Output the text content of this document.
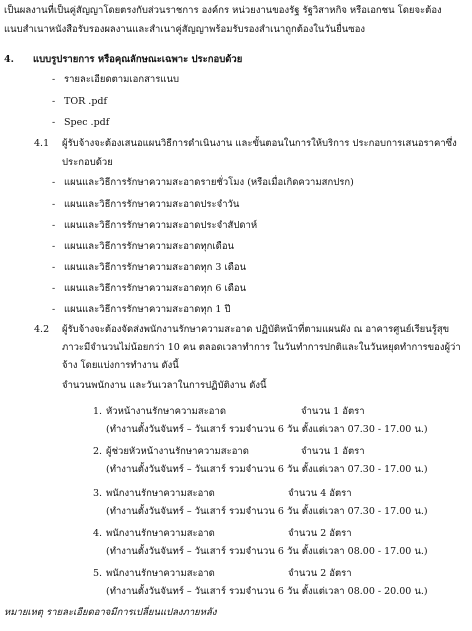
เป็นผลงานที่เป็นคู่สัญญาโดยตรงกับส่วนราชการ องค์กร หน่วยงานของรัฐ รัฐวิสาหกิจ หรือเอกชน โดยจะต้อง
แนบสำเนาหนังสือรับรองผลงานและสำเนาคู่สัญญาพร้อมรับรองสำเนาถูกต้องในวันยื่นซอง
4. แบบรูปรายการ หรือคุณลักษณะเฉพาะ ประกอบด้วย
- รายละเอียดตามเอกสารแนบ
- TOR .pdf
- Spec .pdf
4.1 ผู้รับจ้างจะต้องเสนอแผนวิธีการดำเนินงาน และขั้นตอนในการให้บริการ ประกอบการเสนอราคาซึ่ง
ประกอบด้วย
- แผนและวิธีการรักษาความสะอาดรายชั่วโมง (หรือเมื่อเกิดความสกปรก)
- แผนและวิธีการรักษาความสะอาดประจำวัน
- แผนและวิธีการรักษาความสะอาดประจำสัปดาห์
- แผนและวิธีการรักษาความสะอาดทุกเดือน
- แผนและวิธีการรักษาความสะอาดทุก 3 เดือน
- แผนและวิธีการรักษาความสะอาดทุก 6 เดือน
- แผนและวิธีการรักษาความสะอาดทุก 1 ปี
4.2 ผู้รับจ้างจะต้องจัดส่งพนักงานรักษาความสะอาด ปฏิบัติหน้าที่ตามแผนผัง ณ อาคารศูนย์เรียนรู้สุข
ภาวะมีจำนวนไม่น้อยกว่า 10 คน ตลอดเวลาทำการ ในวันทำการปกติและในวันหยุดทำการของผู้ว่า
จ้าง โดยแบ่งการทำงาน ดังนี้
จำนวนพนักงาน และวันเวลาในการปฏิบัติงาน ดังนี้
1. หัวหน้างานรักษาความสะอาด	จำนวน 1 อัตรา
(ทำงานตั้งวันจันทร์ – วันเสาร์ รวมจำนวน 6 วัน ตั้งแต่เวลา 07.30 - 17.00 น.)
2. ผู้ช่วยหัวหน้างานรักษาความสะอาด	จำนวน 1 อัตรา
(ทำงานตั้งวันจันทร์ – วันเสาร์ รวมจำนวน 6 วัน ตั้งแต่เวลา 07.30 - 17.00 น.)
3. พนักงานรักษาความสะอาด	จำนวน 4 อัตรา
(ทำงานตั้งวันจันทร์ – วันเสาร์ รวมจำนวน 6 วัน ตั้งแต่เวลา 07.30 - 17.00 น.)
4. พนักงานรักษาความสะอาด	จำนวน 2 อัตรา
(ทำงานตั้งวันจันทร์ – วันเสาร์ รวมจำนวน 6 วัน ตั้งแต่เวลา 08.00 - 17.00 น.)
5. พนักงานรักษาความสะอาด	จำนวน 2 อัตรา
(ทำงานตั้งวันจันทร์ – วันเสาร์ รวมจำนวน 6 วัน ตั้งแต่เวลา 08.00 - 20.00 น.)
หมายเหตุ รายละเอียดอาจมีการเปลี่ยนแปลงภายหลัง
